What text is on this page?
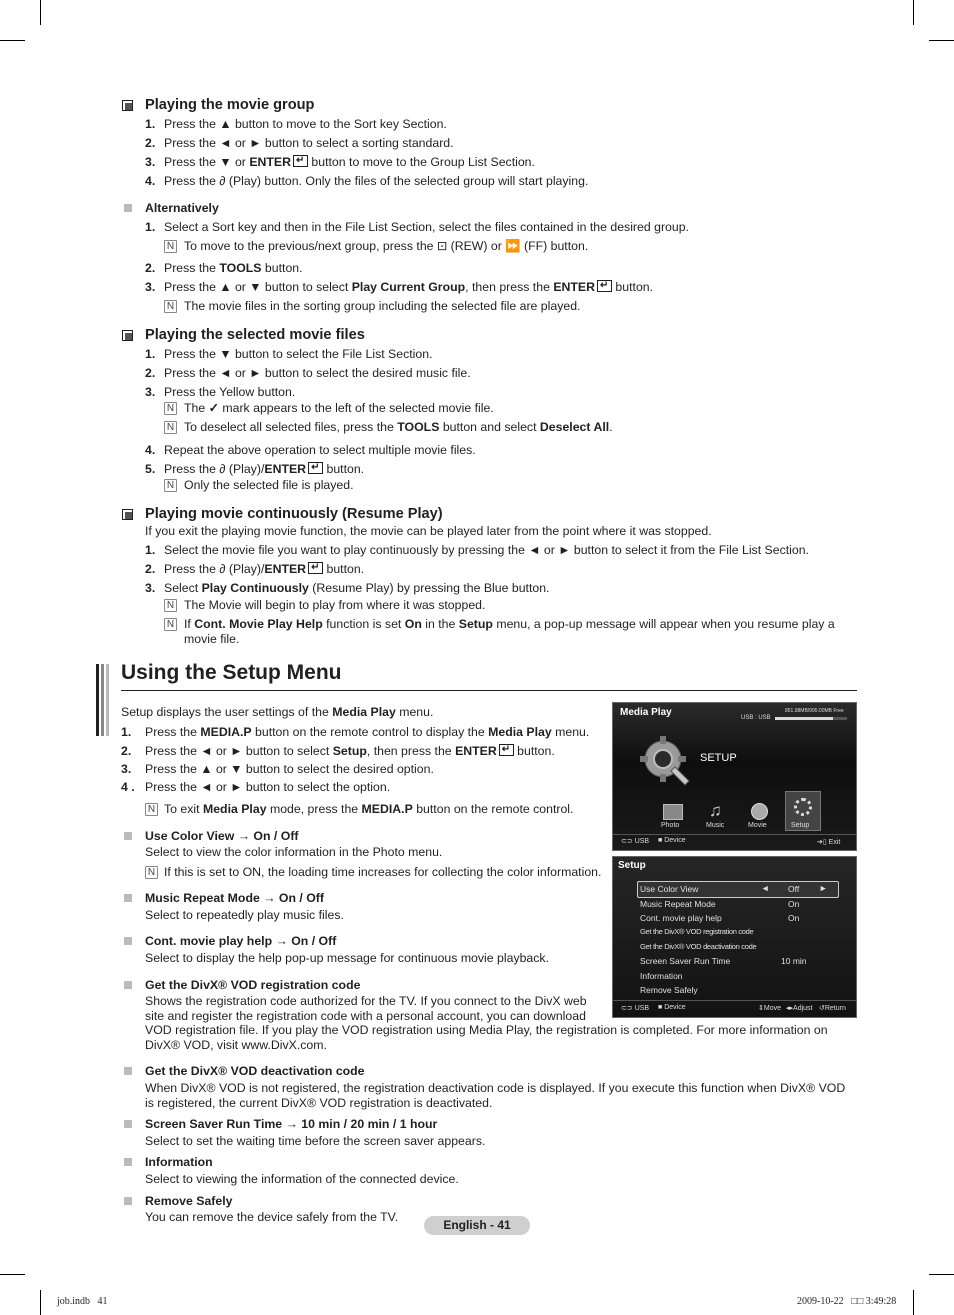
Playing the movie group
1. Press the ▲ button to move to the Sort key Section.
2. Press the ◄ or ► button to select a sorting standard.
3. Press the ▼ or ENTER↵ button to move to the Group List Section.
4. Press the ∂ (Play) button. Only the files of the selected group will start playing.
Alternatively
1. Select a Sort key and then in the File List Section, select the files contained in the desired group.
N To move to the previous/next group, press the ⊡ (REW) or ⏩ (FF) button.
2. Press the TOOLS button.
3. Press the ▲ or ▼ button to select Play Current Group, then press the ENTER↵ button.
N The movie files in the sorting group including the selected file are played.
Playing the selected movie files
1. Press the ▼ button to select the File List Section.
2. Press the ◄ or ► button to select the desired music file.
3. Press the Yellow button.
N The ✓ mark appears to the left of the selected movie file.
N To deselect all selected files, press the TOOLS button and select Deselect All.
4. Repeat the above operation to select multiple movie files.
5. Press the ∂ (Play)/ENTER↵ button.
N Only the selected file is played.
Playing movie continuously (Resume Play)
If you exit the playing movie function, the movie can be played later from the point where it was stopped.
1. Select the movie file you want to play continuously by pressing the ◄ or ► button to select it from the File List Section.
2. Press the ∂ (Play)/ENTER↵ button.
3. Select Play Continuously (Resume Play) by pressing the Blue button.
N The Movie will begin to play from where it was stopped.
N If Cont. Movie Play Help function is set On in the Setup menu, a pop-up message will appear when you resume play a movie file.
Using the Setup Menu
Setup displays the user settings of the Media Play menu.
1. Press the MEDIA.P button on the remote control to display the Media Play menu.
2. Press the ◄ or ► button to select Setup, then press the ENTER↵ button.
3. Press the ▲ or ▼ button to select the desired option.
4 . Press the ◄ or ► button to select the option.
N To exit Media Play mode, press the MEDIA.P button on the remote control.
Use Color View → On / Off
Select to view the color information in the Photo menu.
N If this is set to ON, the loading time increases for collecting the color information.
Music Repeat Mode → On / Off
Select to repeatedly play music files.
Cont. movie play help → On / Off
Select to display the help pop-up message for continuous movie playback.
Get the DivX® VOD registration code
Shows the registration code authorized for the TV. If you connect to the DivX web site and register the registration code with a personal account, you can download
VOD registration file. If you play the VOD registration using Media Play, the registration is completed. For more information on DivX® VOD, visit www.DivX.com.
Get the DivX® VOD deactivation code
When DivX® VOD is not registered, the registration deactivation code is displayed. If you execute this function when DivX® VOD is registered, the current DivX® VOD registration is deactivated.
Screen Saver Run Time → 10 min / 20 min / 1 hour
Select to set the waiting time before the screen saver appears.
Information
Select to viewing the information of the connected device.
Remove Safely
You can remove the device safely from the TV.
Media Play	851.98MB/995.00MB Free
USB : USB
SETUP
Photo
♫
Music	Movie	Setup
⊂⊃ USB ■ Device	➔▯ Exit
Setup
Use Color View	◄ Off ►
Music Repeat Mode	On
Cont. movie play help	On
Get the DivX® VOD registration code
Get the DivX® VOD deactivation code
Screen Saver Run Time	10 min
Information
Remove Safely
⊂⊃ USB ■ Device	⇕Move ◂▸Adjust ↺Return
English - 41
job.indb   41	2009-10-22   □□ 3:49:28
